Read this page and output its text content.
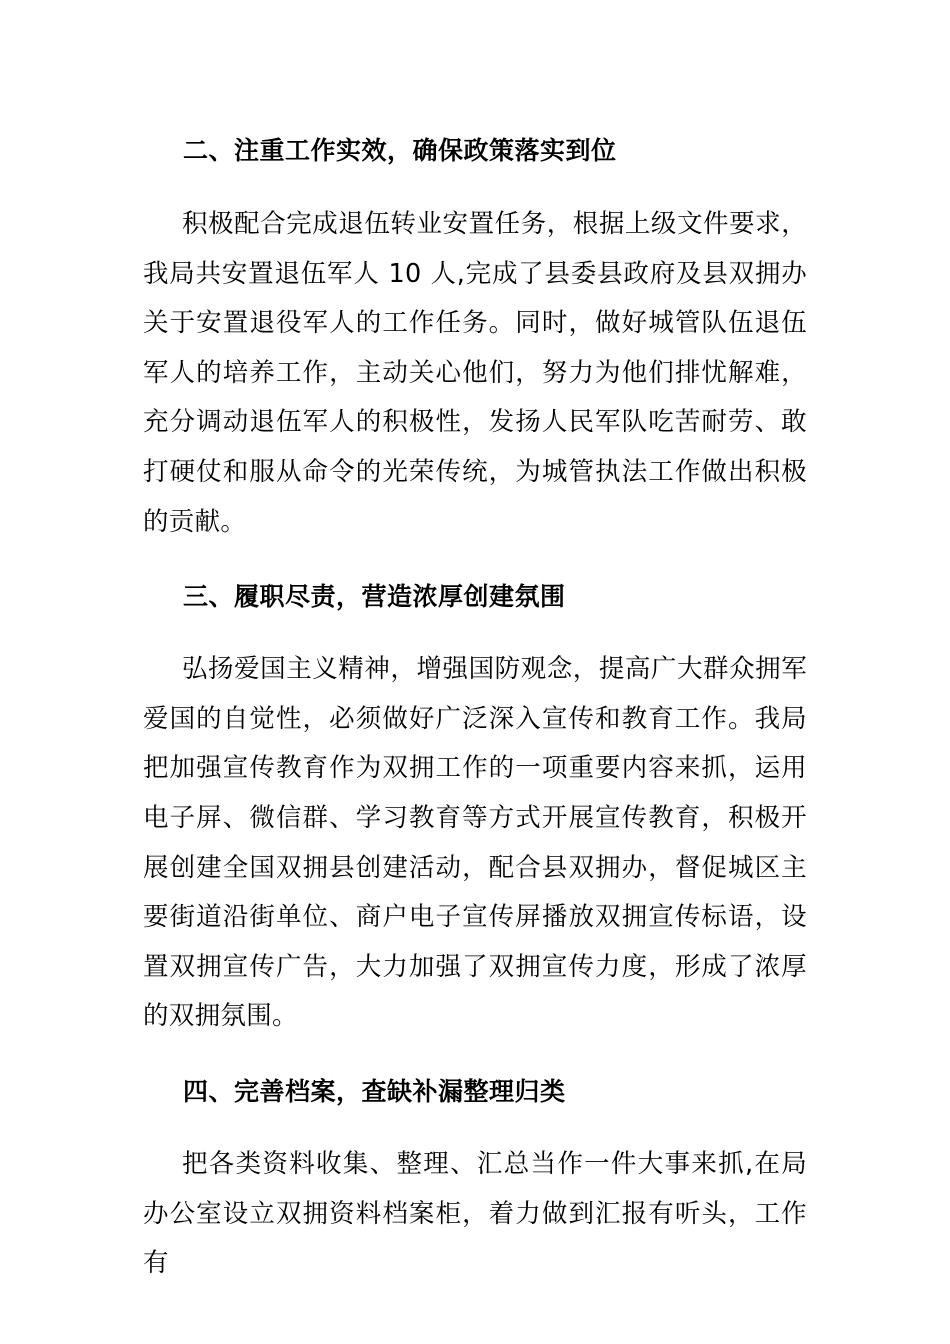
二、注重工作实效，确保政策落实到位

积极配合完成退伍转业安置任务，根据上级文件要求，我局共安置退伍军人 10 人,完成了县委县政府及县双拥办关于安置退役军人的工作任务。同时，做好城管队伍退伍军人的培养工作，主动关心他们，努力为他们排忧解难，充分调动退伍军人的积极性，发扬人民军队吃苦耐劳、敢打硬仗和服从命令的光荣传统，为城管执法工作做出积极的贡献。

三、履职尽责，营造浓厚创建氛围

弘扬爱国主义精神，增强国防观念，提高广大群众拥军爱国的自觉性，必须做好广泛深入宣传和教育工作。我局把加强宣传教育作为双拥工作的一项重要内容来抓，运用电子屏、微信群、学习教育等方式开展宣传教育，积极开展创建全国双拥县创建活动，配合县双拥办，督促城区主要街道沿街单位、商户电子宣传屏播放双拥宣传标语，设置双拥宣传广告，大力加强了双拥宣传力度，形成了浓厚的双拥氛围。

四、完善档案，查缺补漏整理归类

把各类资料收集、整理、汇总当作一件大事来抓,在局办公室设立双拥资料档案柜，着力做到汇报有听头，工作有
